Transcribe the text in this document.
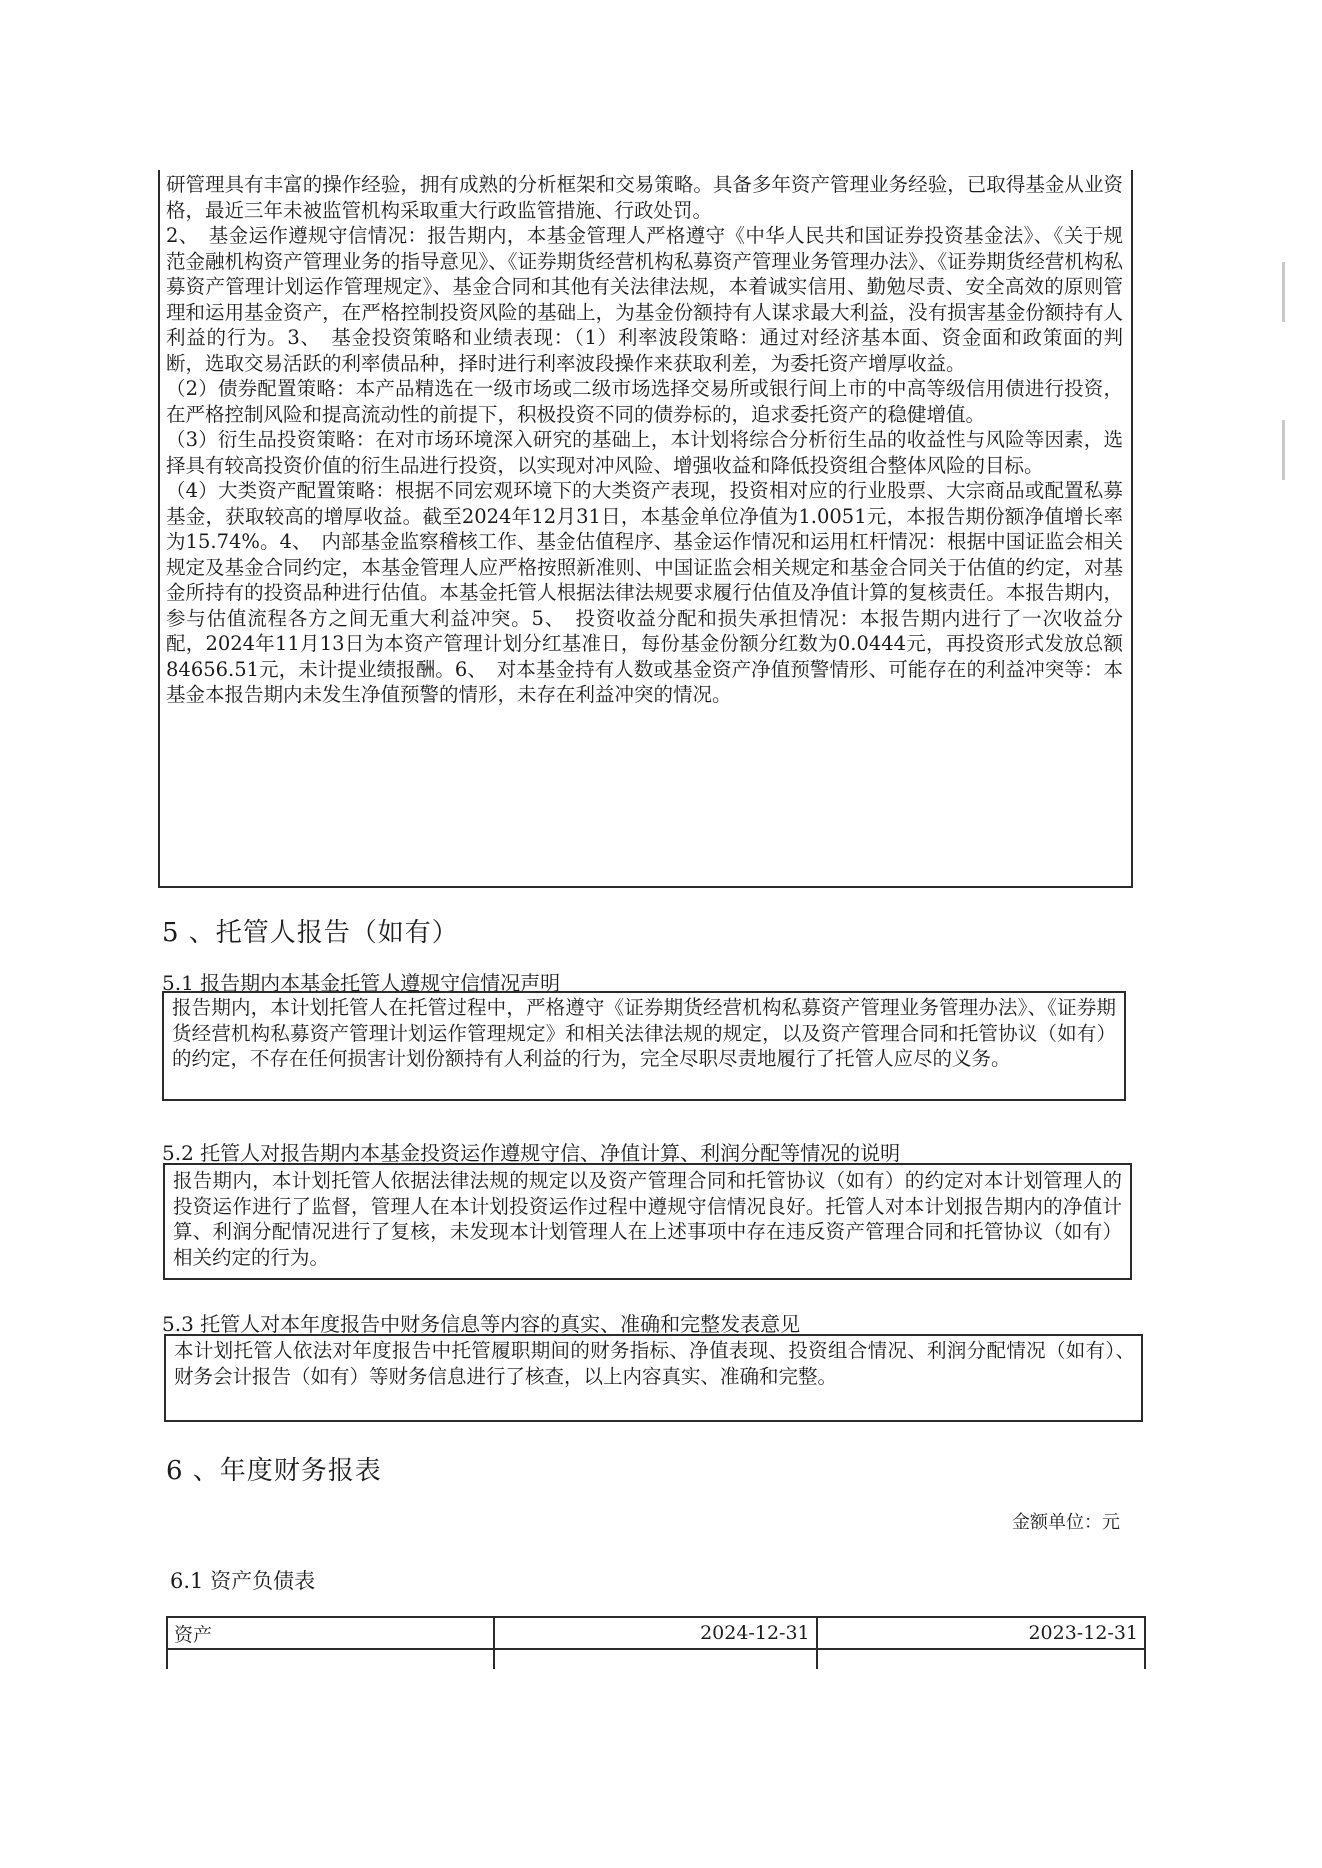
研管理具有丰富的操作经验，拥有成熟的分析框架和交易策略。具备多年资产管理业务经验，已取得基金从业资格，最近三年未被监管机构采取重大行政监管措施、行政处罚。

2、　基金运作遵规守信情况：报告期内，本基金管理人严格遵守《中华人民共和国证券投资基金法》、《关于规范金融机构资产管理业务的指导意见》、《证券期货经营机构私募资产管理业务管理办法》、《证券期货经营机构私募资产管理计划运作管理规定》、基金合同和其他有关法律法规，本着诚实信用、勤勉尽责、安全高效的原则管理和运用基金资产，在严格控制投资风险的基础上，为基金份额持有人谋求最大利益，没有损害基金份额持有人利益的行为。3、　基金投资策略和业绩表现：（1）利率波段策略：通过对经济基本面、资金面和政策面的判断，选取交易活跃的利率债品种，择时进行利率波段操作来获取利差，为委托资产增厚收益。

（2）债券配置策略：本产品精选在一级市场或二级市场选择交易所或银行间上市的中高等级信用债进行投资，在严格控制风险和提高流动性的前提下，积极投资不同的债券标的，追求委托资产的稳健增值。

（3）衍生品投资策略：在对市场环境深入研究的基础上，本计划将综合分析衍生品的收益性与风险等因素，选择具有较高投资价值的衍生品进行投资，以实现对冲风险、增强收益和降低投资组合整体风险的目标。

（4）大类资产配置策略：根据不同宏观环境下的大类资产表现，投资相对应的行业股票、大宗商品或配置私募基金，获取较高的增厚收益。截至2024年12月31日，本基金单位净值为1.0051元，本报告期份额净值增长率为15.74%。4、　内部基金监察稽核工作、基金估值程序、基金运作情况和运用杠杆情况：根据中国证监会相关规定及基金合同约定，本基金管理人应严格按照新准则、中国证监会相关规定和基金合同关于估值的约定，对基金所持有的投资品种进行估值。本基金托管人根据法律法规要求履行估值及净值计算的复核责任。本报告期内，参与估值流程各方之间无重大利益冲突。5、　投资收益分配和损失承担情况：本报告期内进行了一次收益分配，2024年11月13日为本资产管理计划分红基准日，每份基金份额分红数为0.0444元，再投资形式发放总额84656.51元，未计提业绩报酬。6、　对本基金持有人数或基金资产净值预警情形、可能存在的利益冲突等：本基金本报告期内未发生净值预警的情形，未存在利益冲突的情况。

5 、托管人报告（如有）
5.1 报告期内本基金托管人遵规守信情况声明

报告期内，本计划托管人在托管过程中，严格遵守《证券期货经营机构私募资产管理业务管理办法》、《证券期货经营机构私募资产管理计划运作管理规定》和相关法律法规的规定，以及资产管理合同和托管协议（如有）的约定，不存在任何损害计划份额持有人利益的行为，完全尽职尽责地履行了托管人应尽的义务。

5.2 托管人对报告期内本基金投资运作遵规守信、净值计算、利润分配等情况的说明

报告期内，本计划托管人依据法律法规的规定以及资产管理合同和托管协议（如有）的约定对本计划管理人的投资运作进行了监督，管理人在本计划投资运作过程中遵规守信情况良好。托管人对本计划报告期内的净值计算、利润分配情况进行了复核，未发现本计划管理人在上述事项中存在违反资产管理合同和托管协议（如有）相关约定的行为。

5.3 托管人对本年度报告中财务信息等内容的真实、准确和完整发表意见

本计划托管人依法对年度报告中托管履职期间的财务指标、净值表现、投资组合情况、利润分配情况（如有）、财务会计报告（如有）等财务信息进行了核查，以上内容真实、准确和完整。

6 、年度财务报表
金额单位：元
6.1 资产负债表
资产	2024-12-31	2023-12-31
